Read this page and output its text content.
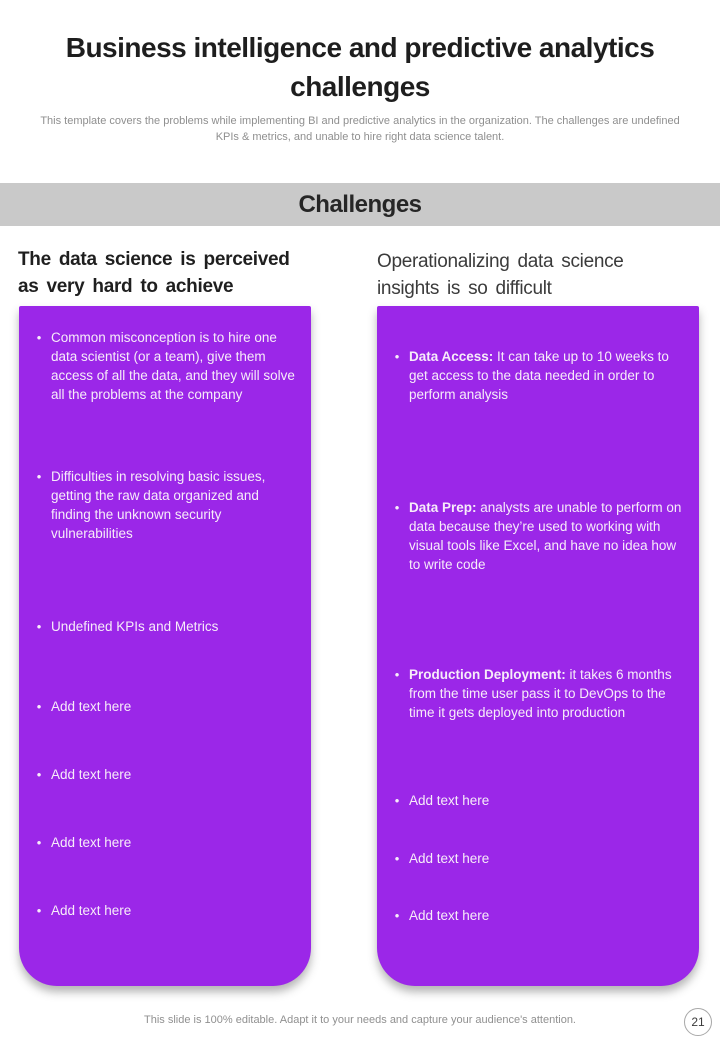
Business intelligence and predictive analytics challenges

This template covers the problems while implementing BI and predictive analytics in the organization. The challenges are undefined KPIs & metrics, and unable to hire right data science talent.

Challenges
The data science is perceived as very hard to achieve
Operationalizing data science insights is so difficult
• Common misconception is to hire one data scientist (or a team), give them access of all the data, and they will solve all the problems at the company
• Difficulties in resolving basic issues, getting the raw data organized and finding the unknown security vulnerabilities
• Undefined KPIs and Metrics
• Add text here
• Add text here
• Add text here
• Add text here
• Data Access: It can take up to 10 weeks to get access to the data needed in order to perform analysis
• Data Prep: analysts are unable to perform on data because they’re used to working with visual tools like Excel, and have no idea how to write code
• Production Deployment: it takes 6 months from the time user pass it to DevOps to the time it gets deployed into production
• Add text here
• Add text here
• Add text here

This slide is 100% editable. Adapt it to your needs and capture your audience's attention.	21
